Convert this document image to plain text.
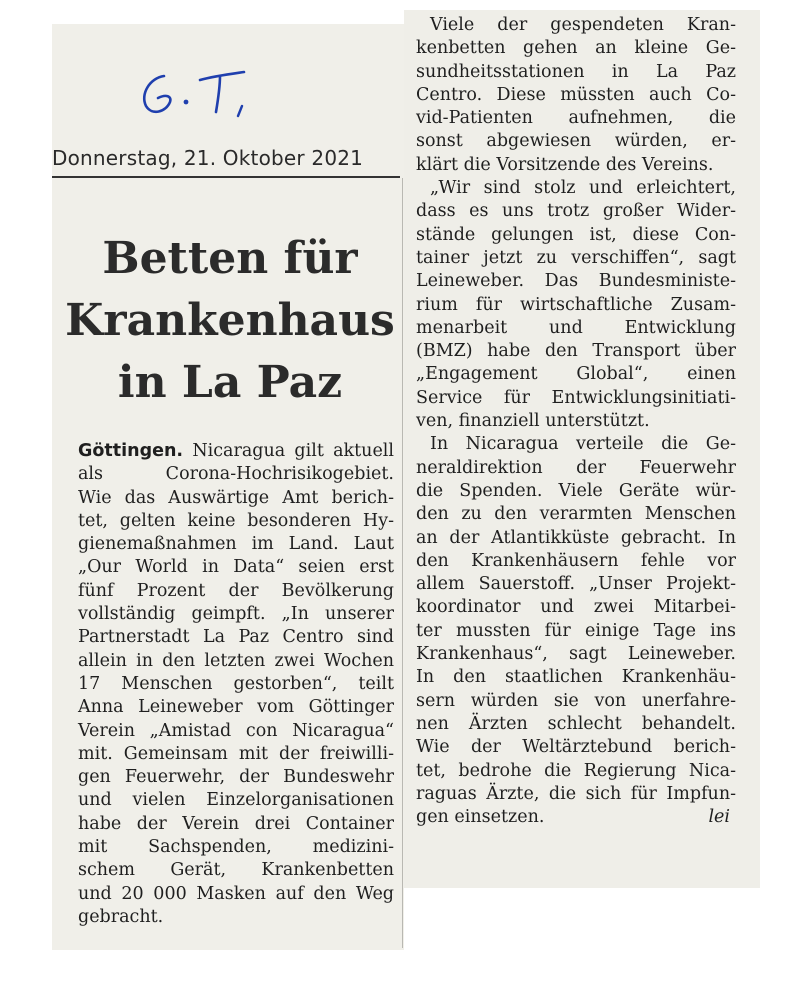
Donnerstag, 21. Oktober 2021
Betten für
Krankenhaus
in La Paz

Göttingen. Nicaragua gilt aktuell
als Corona-Hochrisikogebiet.
Wie das Auswärtige Amt berich-
tet, gelten keine besonderen Hy-
gienemaßnahmen im Land. Laut
„Our World in Data“ seien erst
fünf Prozent der Bevölkerung
vollständig geimpft. „In unserer
Partnerstadt La Paz Centro sind
allein in den letzten zwei Wochen
17 Menschen gestorben“, teilt
Anna Leineweber vom Göttinger
Verein „Amistad con Nicaragua“
mit. Gemeinsam mit der freiwilli-
gen Feuerwehr, der Bundeswehr
und vielen Einzelorganisationen
habe der Verein drei Container
mit Sachspenden, medizini-
schem Gerät, Krankenbetten
und 20 000 Masken auf den Weg
gebracht.

Viele der gespendeten Kran-
kenbetten gehen an kleine Ge-
sundheitsstationen in La Paz
Centro. Diese müssten auch Co-
vid-Patienten aufnehmen, die
sonst abgewiesen würden, er-
klärt die Vorsitzende des Vereins.

„Wir sind stolz und erleichtert,
dass es uns trotz großer Wider-
stände gelungen ist, diese Con-
tainer jetzt zu verschiffen“, sagt
Leineweber. Das Bundesministe-
rium für wirtschaftliche Zusam-
menarbeit und Entwicklung
(BMZ) habe den Transport über
„Engagement Global“, einen
Service für Entwicklungsinitiati-
ven, finanziell unterstützt.

In Nicaragua verteile die Ge-
neraldirektion der Feuerwehr
die Spenden. Viele Geräte wür-
den zu den verarmten Menschen
an der Atlantikküste gebracht. In
den Krankenhäusern fehle vor
allem Sauerstoff. „Unser Projekt-
koordinator und zwei Mitarbei-
ter mussten für einige Tage ins
Krankenhaus“, sagt Leineweber.
In den staatlichen Krankenhäu-
sern würden sie von unerfahre-
nen Ärzten schlecht behandelt.
Wie der Weltärztebund berich-
tet, bedrohe die Regierung Nica-
raguas Ärzte, die sich für Impfun-
gen einsetzen.	lei
